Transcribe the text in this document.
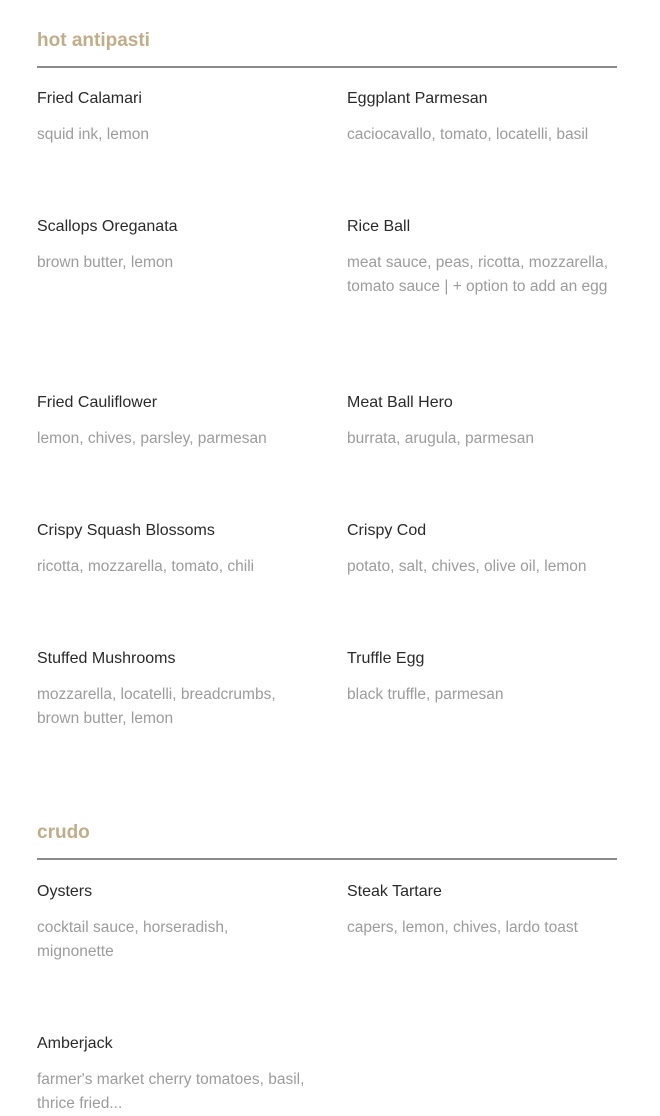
hot antipasti
Fried Calamari
squid ink, lemon
Eggplant Parmesan
caciocavallo, tomato, locatelli, basil
Scallops Oreganata
brown butter, lemon
Rice Ball
meat sauce, peas, ricotta, mozzarella, tomato sauce | + option to add an egg
Fried Cauliflower
lemon, chives, parsley, parmesan
Meat Ball Hero
burrata, arugula, parmesan
Crispy Squash Blossoms
ricotta, mozzarella, tomato, chili
Crispy Cod
potato, salt, chives, olive oil, lemon
Stuffed Mushrooms
mozzarella, locatelli, breadcrumbs, brown butter, lemon
Truffle Egg
black truffle, parmesan
crudo
Oysters
cocktail sauce, horseradish, mignonette
Steak Tartare
capers, lemon, chives, lardo toast
Amberjack
farmer's market cherry tomatoes, basil, thrice fried...
